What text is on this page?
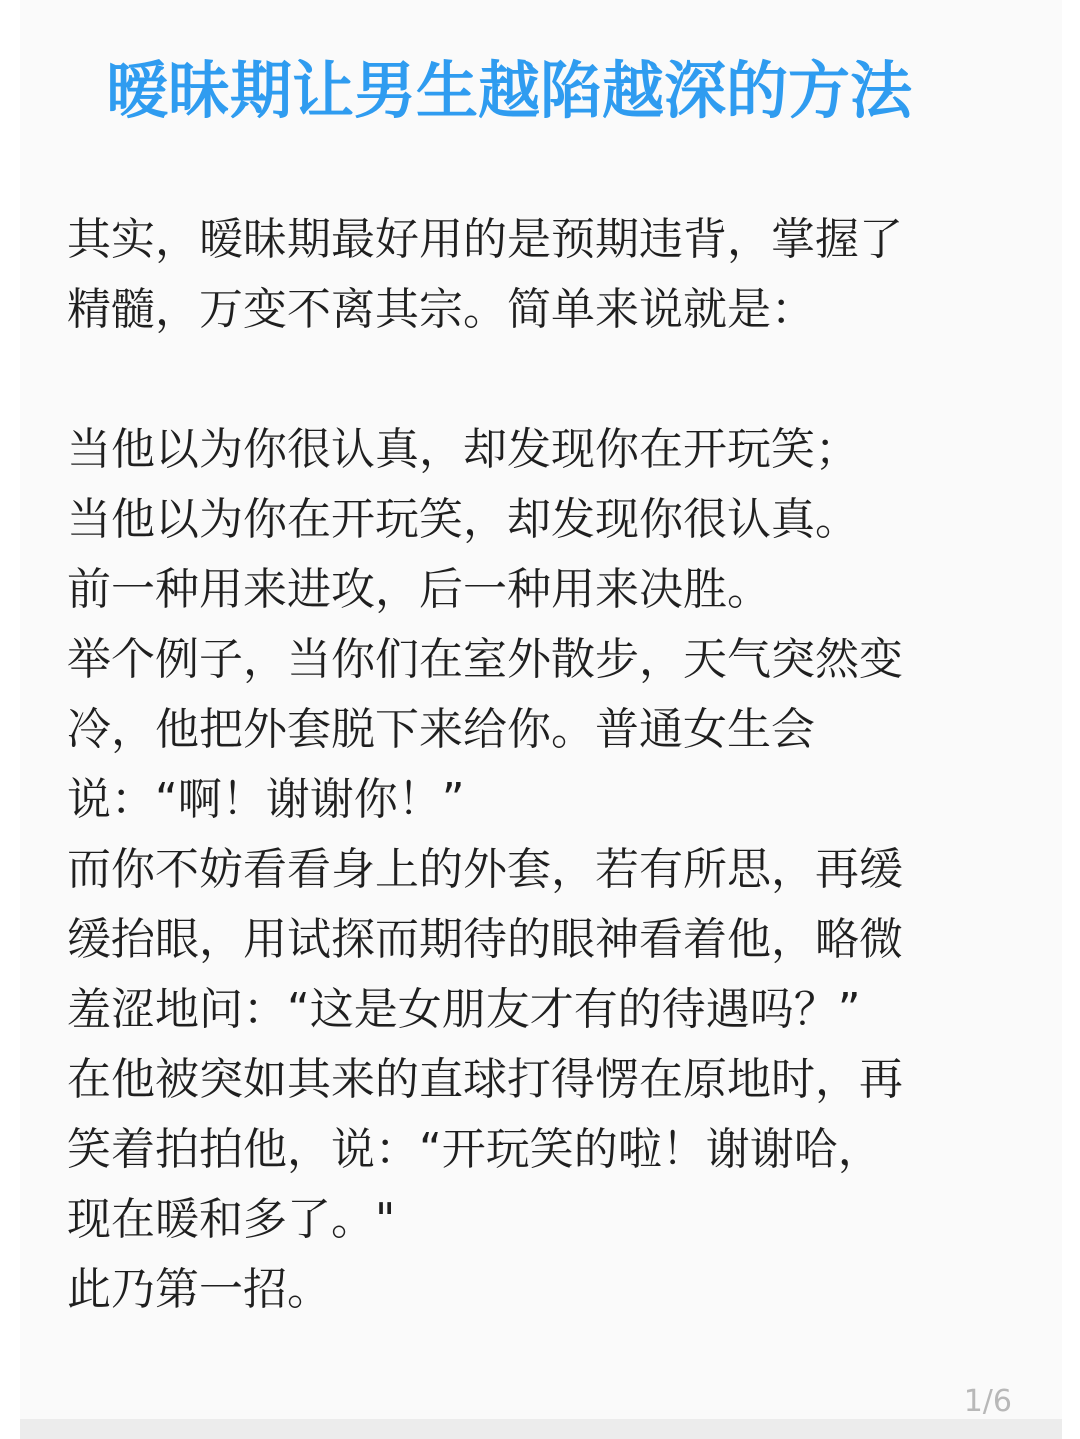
暧昧期让男生越陷越深的方法
其实，暧昧期最好用的是预期违背，掌握了
精髓，万变不离其宗。简单来说就是：
当他以为你很认真，却发现你在开玩笑；
当他以为你在开玩笑，却发现你很认真。
前一种用来进攻，后一种用来决胜。
举个例子，当你们在室外散步，天气突然变
冷，他把外套脱下来给你。普通女生会
说：“啊！谢谢你！”
而你不妨看看身上的外套，若有所思，再缓
缓抬眼，用试探而期待的眼神看着他，略微
羞涩地问：“这是女朋友才有的待遇吗？”
在他被突如其来的直球打得愣在原地时，再
笑着拍拍他，说：“开玩笑的啦！谢谢哈，
现在暖和多了。"
此乃第一招。
1/6
